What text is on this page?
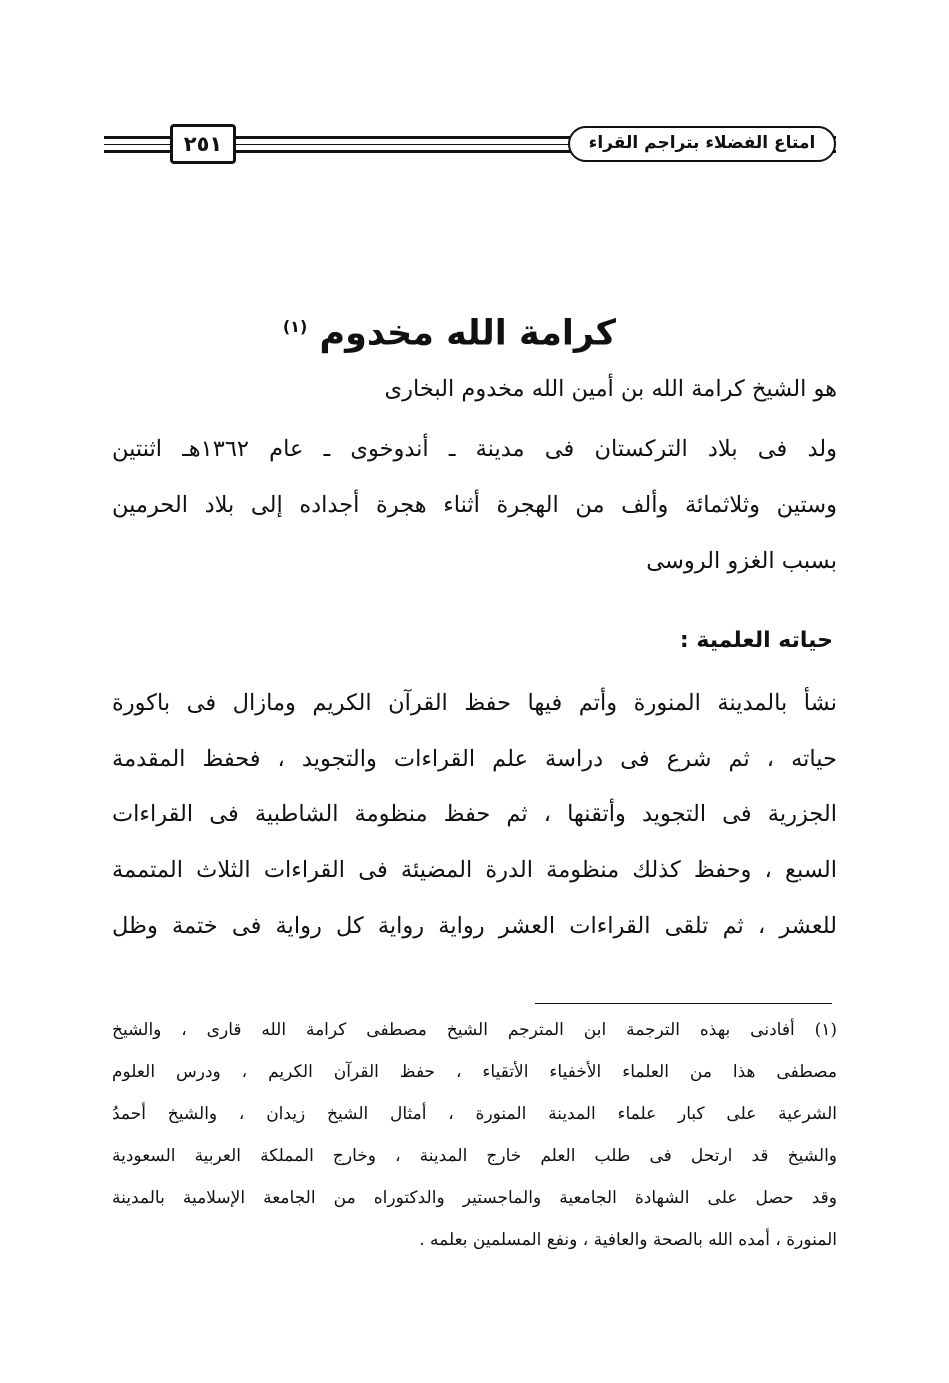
٢٥١	امتاع الفضلاء بتراجم القراء
كرامة الله مخدوم $^{(١)}$
هو الشيخ كرامة الله بن أمين الله مخدوم البخارى
ولد فى بلاد التركستان فى مدينة ـ أندوخوى ـ عام ١٣٦٢هـ اثنتين
وستين وثلاثمائة وألف من الهجرة أثناء هجرة أجداده إلى بلاد الحرمين
بسبب الغزو الروسى
حياته العلمية :
نشأ بالمدينة المنورة وأتم فيها حفظ القرآن الكريم ومازال فى باكورة
حياته ، ثم شرع فى دراسة علم القراءات والتجويد ، فحفظ المقدمة
الجزرية فى التجويد وأتقنها ، ثم حفظ منظومة الشاطبية فى القراءات
السبع ، وحفظ كذلك منظومة الدرة المضيئة فى القراءات الثلاث المتممة
للعشر ، ثم تلقى القراءات العشر رواية رواية كل رواية فى ختمة وظل
(١) أفادنى بهذه الترجمة ابن المترجم الشيخ مصطفى كرامة الله قارى ، والشيخ
مصطفى هذا من العلماء الأخفياء الأتقياء ، حفظ القرآن الكريم ، ودرس العلوم
الشرعية على كبار علماء المدينة المنورة ، أمثال الشيخ زيدان ، والشيخ أحمدُ
والشيخ قد ارتحل فى طلب العلم خارج المدينة ، وخارج المملكة العربية السعودية
وقد حصل على الشهادة الجامعية والماجستير والدكتوراه من الجامعة الإسلامية بالمدينة
المنورة ، أمده الله بالصحة والعافية ، ونفع المسلمين بعلمه .
